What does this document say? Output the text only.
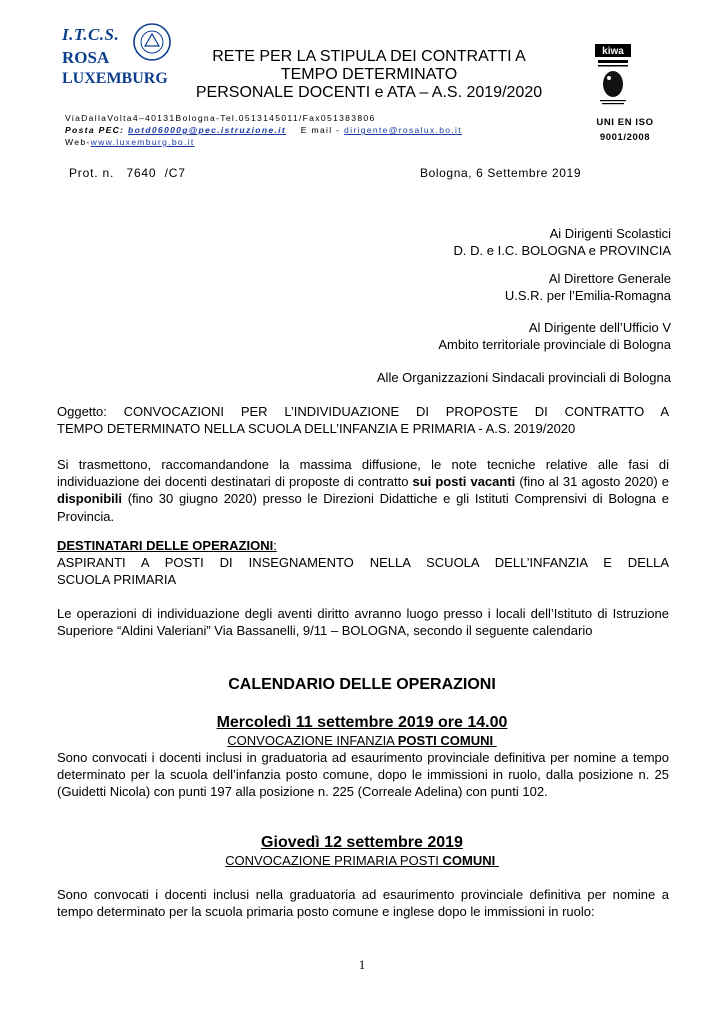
I.T.C.S.
ROSA
LUXEMBURG
RETE PER LA STIPULA DEI CONTRATTI A
TEMPO DETERMINATO
PERSONALE DOCENTI e ATA – A.S. 2019/2020
kiwa
UNI EN ISO
9001/2008
ViaDallaVolta4–40131Bologna-Tel.0513145011/Fax051383806
Posta PEC: botd06000g@pec.istruzione.it E mail - dirigente@rosalux.bo.it
Web-www.luxemburg.bo.it
Prot. n.   7640  /C7	Bologna, 6 Settembre 2019
Ai Dirigenti Scolastici
D. D. e I.C. BOLOGNA e PROVINCIA
Al Direttore Generale
U.S.R. per l’Emilia-Romagna
Al Dirigente dell’Ufficio V
Ambito territoriale provinciale di Bologna
Alle Organizzazioni Sindacali provinciali di Bologna
Oggetto: CONVOCAZIONI PER L’INDIVIDUAZIONE DI PROPOSTE DI CONTRATTO A
TEMPO DETERMINATO NELLA SCUOLA DELL’INFANZIA E PRIMARIA - A.S. 2019/2020
Si trasmettono, raccomandandone la massima diffusione, le note tecniche relative alle fasi di individuazione dei docenti destinatari di proposte di contratto sui posti vacanti (fino al 31 agosto 2020) e disponibili (fino 30 giugno 2020) presso le Direzioni Didattiche e gli Istituti Comprensivi di Bologna e Provincia.
DESTINATARI DELLE OPERAZIONI:
ASPIRANTI A POSTI DI INSEGNAMENTO NELLA SCUOLA DELL’INFANZIA E DELLA
SCUOLA PRIMARIA
Le operazioni di individuazione degli aventi diritto avranno luogo presso i locali dell’Istituto di Istruzione Superiore “Aldini Valeriani” Via Bassanelli, 9/11 – BOLOGNA, secondo il seguente calendario
CALENDARIO DELLE OPERAZIONI
Mercoledì 11 settembre 2019 ore 14.00
CONVOCAZIONE INFANZIA POSTI COMUNI
Sono convocati i docenti inclusi in graduatoria ad esaurimento provinciale definitiva per nomine a tempo determinato per la scuola dell’infanzia posto comune, dopo le immissioni in ruolo, dalla posizione n. 25 (Guidetti Nicola) con punti 197 alla posizione n. 225 (Correale Adelina) con punti 102.
Giovedì 12 settembre 2019
CONVOCAZIONE PRIMARIA POSTI COMUNI
Sono convocati i docenti inclusi nella graduatoria ad esaurimento provinciale definitiva per nomine a tempo determinato per la scuola primaria posto comune e inglese dopo le immissioni in ruolo:
1
